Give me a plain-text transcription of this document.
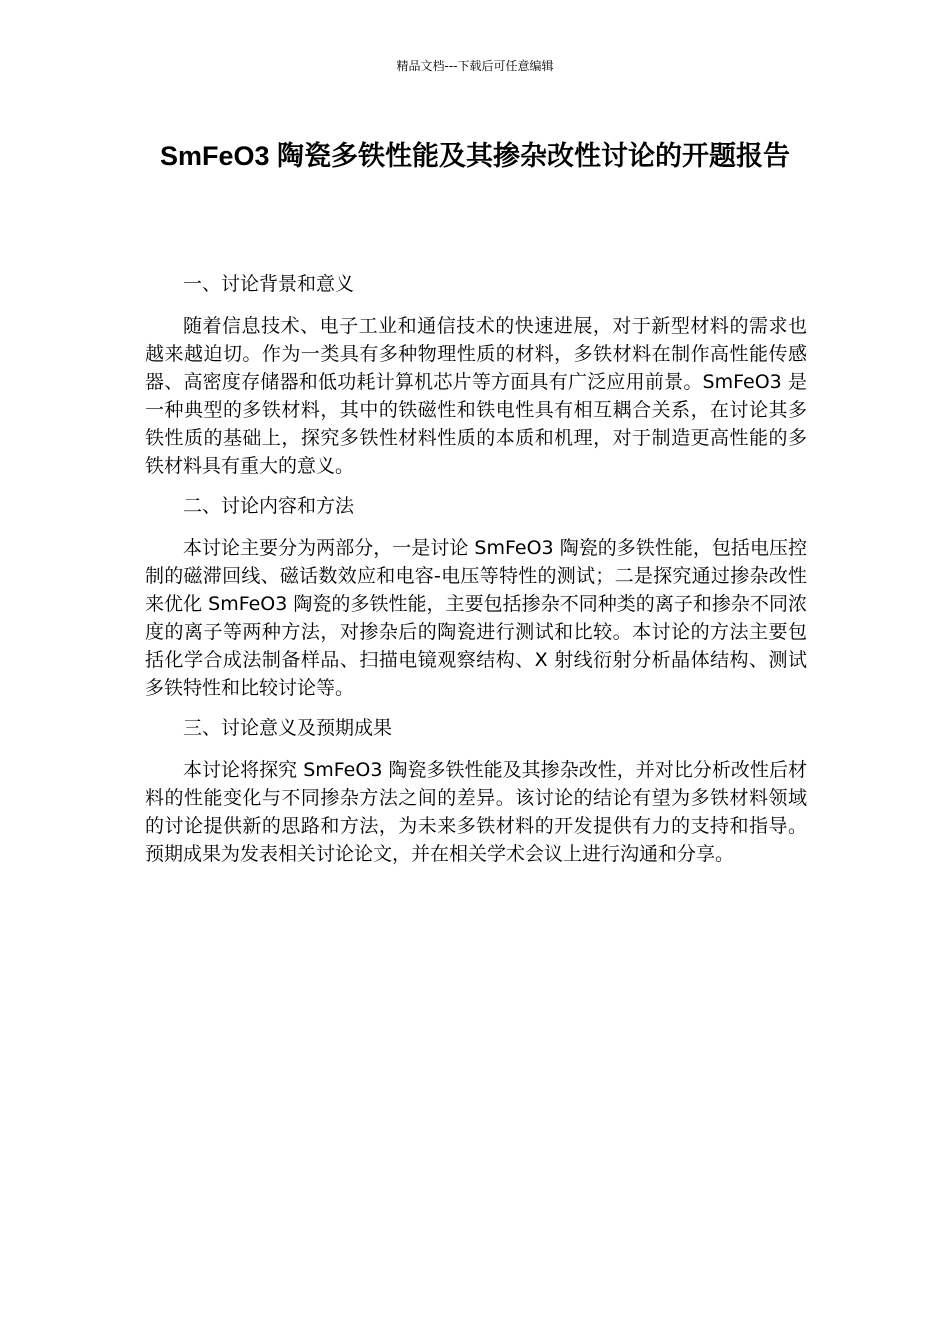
精品文档---下载后可任意编辑
SmFeO3 陶瓷多铁性能及其掺杂改性讨论的开题报告
一、讨论背景和意义

随着信息技术、电子工业和通信技术的快速进展，对于新型材料的需求也越来越迫切。作为一类具有多种物理性质的材料，多铁材料在制作高性能传感器、高密度存储器和低功耗计算机芯片等方面具有广泛应用前景。SmFeO3 是一种典型的多铁材料，其中的铁磁性和铁电性具有相互耦合关系，在讨论其多铁性质的基础上，探究多铁性材料性质的本质和机理，对于制造更高性能的多铁材料具有重大的意义。

二、讨论内容和方法

本讨论主要分为两部分，一是讨论 SmFeO3 陶瓷的多铁性能，包括电压控制的磁滞回线、磁话数效应和电容-电压等特性的测试；二是探究通过掺杂改性来优化 SmFeO3 陶瓷的多铁性能，主要包括掺杂不同种类的离子和掺杂不同浓度的离子等两种方法，对掺杂后的陶瓷进行测试和比较。本讨论的方法主要包括化学合成法制备样品、扫描电镜观察结构、X 射线衍射分析晶体结构、测试多铁特性和比较讨论等。

三、讨论意义及预期成果

本讨论将探究 SmFeO3 陶瓷多铁性能及其掺杂改性，并对比分析改性后材料的性能变化与不同掺杂方法之间的差异。该讨论的结论有望为多铁材料领域的讨论提供新的思路和方法，为未来多铁材料的开发提供有力的支持和指导。预期成果为发表相关讨论论文，并在相关学术会议上进行沟通和分享。
